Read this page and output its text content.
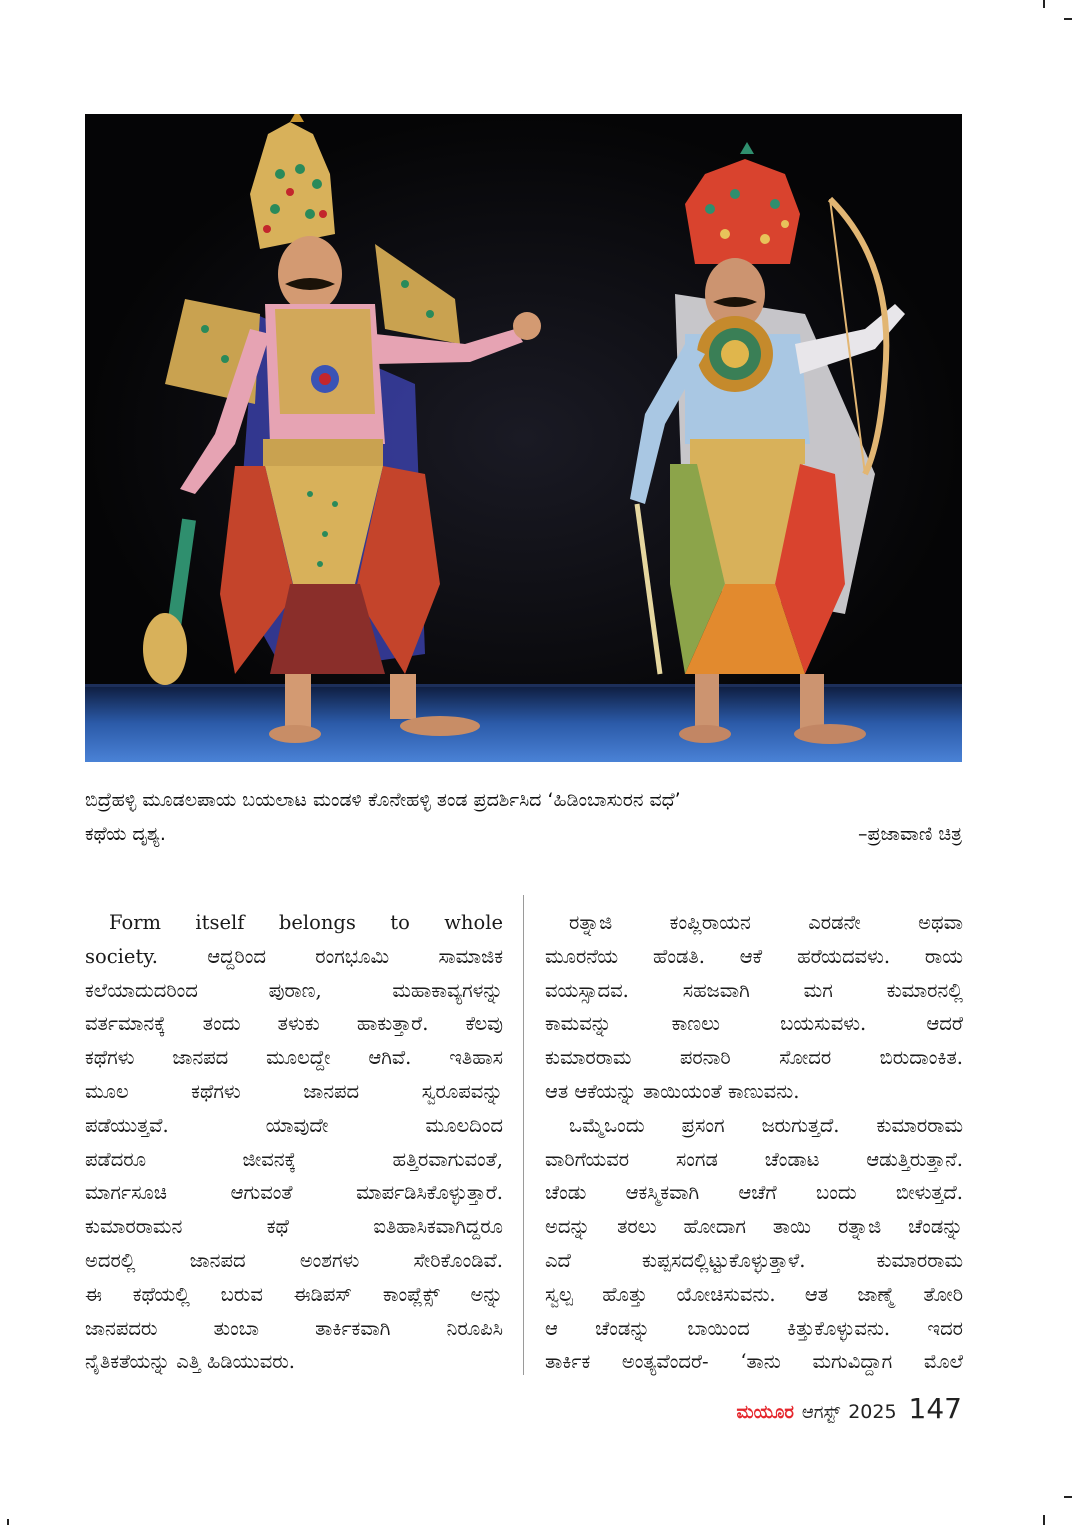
ಬಿದ್ರೆಹಳ್ಳಿ ಮೂಡಲಪಾಯ ಬಯಲಾಟ ಮಂಡಳಿ ಕೊನೇಹಳ್ಳಿ ತಂಡ ಪ್ರದರ್ಶಿಸಿದ ‘ಹಿಡಿಂಬಾಸುರನ ವಧೆ’
ಕಥೆಯ ದೃಶ್ಯ.	–ಪ್ರಜಾವಾಣಿ ಚಿತ್ರ

Form itself belongs to whole
society. ಆದ್ದರಿಂದ ರಂಗಭೂಮಿ ಸಾಮಾಜಿಕ
ಕಲೆಯಾದುದರಿಂದ ಪುರಾಣ, ಮಹಾಕಾವ್ಯಗಳನ್ನು
ವರ್ತಮಾನಕ್ಕೆ ತಂದು ತಳುಕು ಹಾಕುತ್ತಾರೆ. ಕೆಲವು
ಕಥೆಗಳು ಜಾನಪದ ಮೂಲದ್ದೇ ಆಗಿವೆ. ಇತಿಹಾಸ
ಮೂಲ ಕಥೆಗಳು ಜಾನಪದ ಸ್ವರೂಪವನ್ನು
ಪಡೆಯುತ್ತವೆ. ಯಾವುದೇ ಮೂಲದಿಂದ
ಪಡೆದರೂ ಜೀವನಕ್ಕೆ ಹತ್ತಿರವಾಗುವಂತೆ,
ಮಾರ್ಗಸೂಚಿ ಆಗುವಂತೆ ಮಾರ್ಪಡಿಸಿಕೊಳ್ಳುತ್ತಾರೆ.
ಕುಮಾರರಾಮನ ಕಥೆ ಐತಿಹಾಸಿಕವಾಗಿದ್ದರೂ
ಅದರಲ್ಲಿ ಜಾನಪದ ಅಂಶಗಳು ಸೇರಿಕೊಂಡಿವೆ.
ಈ ಕಥೆಯಲ್ಲಿ ಬರುವ ಈಡಿಪಸ್ ಕಾಂಪ್ಲೆಕ್ಸ್ ಅನ್ನು
ಜಾನಪದರು ತುಂಬಾ ತಾರ್ಕಿಕವಾಗಿ ನಿರೂಪಿಸಿ
ನೈತಿಕತೆಯನ್ನು ಎತ್ತಿ ಹಿಡಿಯುವರು.

ರತ್ನಾಜಿ ಕಂಪ್ಲಿರಾಯನ ಎರಡನೇ ಅಥವಾ
ಮೂರನೆಯ ಹೆಂಡತಿ. ಆಕೆ ಹರೆಯದವಳು. ರಾಯ
ವಯಸ್ಸಾದವ. ಸಹಜವಾಗಿ ಮಗ ಕುಮಾರನಲ್ಲಿ
ಕಾಮವನ್ನು ಕಾಣಲು ಬಯಸುವಳು. ಆದರೆ
ಕುಮಾರರಾಮ ಪರನಾರಿ ಸೋದರ ಬಿರುದಾಂಕಿತ.
ಆತ ಆಕೆಯನ್ನು ತಾಯಿಯಂತೆ ಕಾಣುವನು.

ಒಮ್ಮೆಒಂದು ಪ್ರಸಂಗ ಜರುಗುತ್ತದೆ. ಕುಮಾರರಾಮ
ವಾರಿಗೆಯವರ ಸಂಗಡ ಚೆಂಡಾಟ ಆಡುತ್ತಿರುತ್ತಾನೆ.
ಚೆಂಡು ಆಕಸ್ಮಿಕವಾಗಿ ಆಚೆಗೆ ಬಂದು ಬೀಳುತ್ತದೆ.
ಅದನ್ನು ತರಲು ಹೋದಾಗ ತಾಯಿ ರತ್ನಾಜಿ ಚೆಂಡನ್ನು
ಎದೆ ಕುಪ್ಪಸದಲ್ಲಿಟ್ಟುಕೊಳ್ಳುತ್ತಾಳೆ. ಕುಮಾರರಾಮ
ಸ್ವಲ್ಪ ಹೊತ್ತು ಯೋಚಿಸುವನು. ಆತ ಜಾಣ್ಮೆ ತೋರಿ
ಆ ಚೆಂಡನ್ನು ಬಾಯಿಂದ ಕಿತ್ತುಕೊಳ್ಳುವನು. ಇದರ
ತಾರ್ಕಿಕ ಅಂತ್ಯವೆಂದರೆ- ‘ತಾನು ಮಗುವಿದ್ದಾಗ ಮೊಲೆ

ಮಯೂರ ಆಗಸ್ಟ್ 2025 147
